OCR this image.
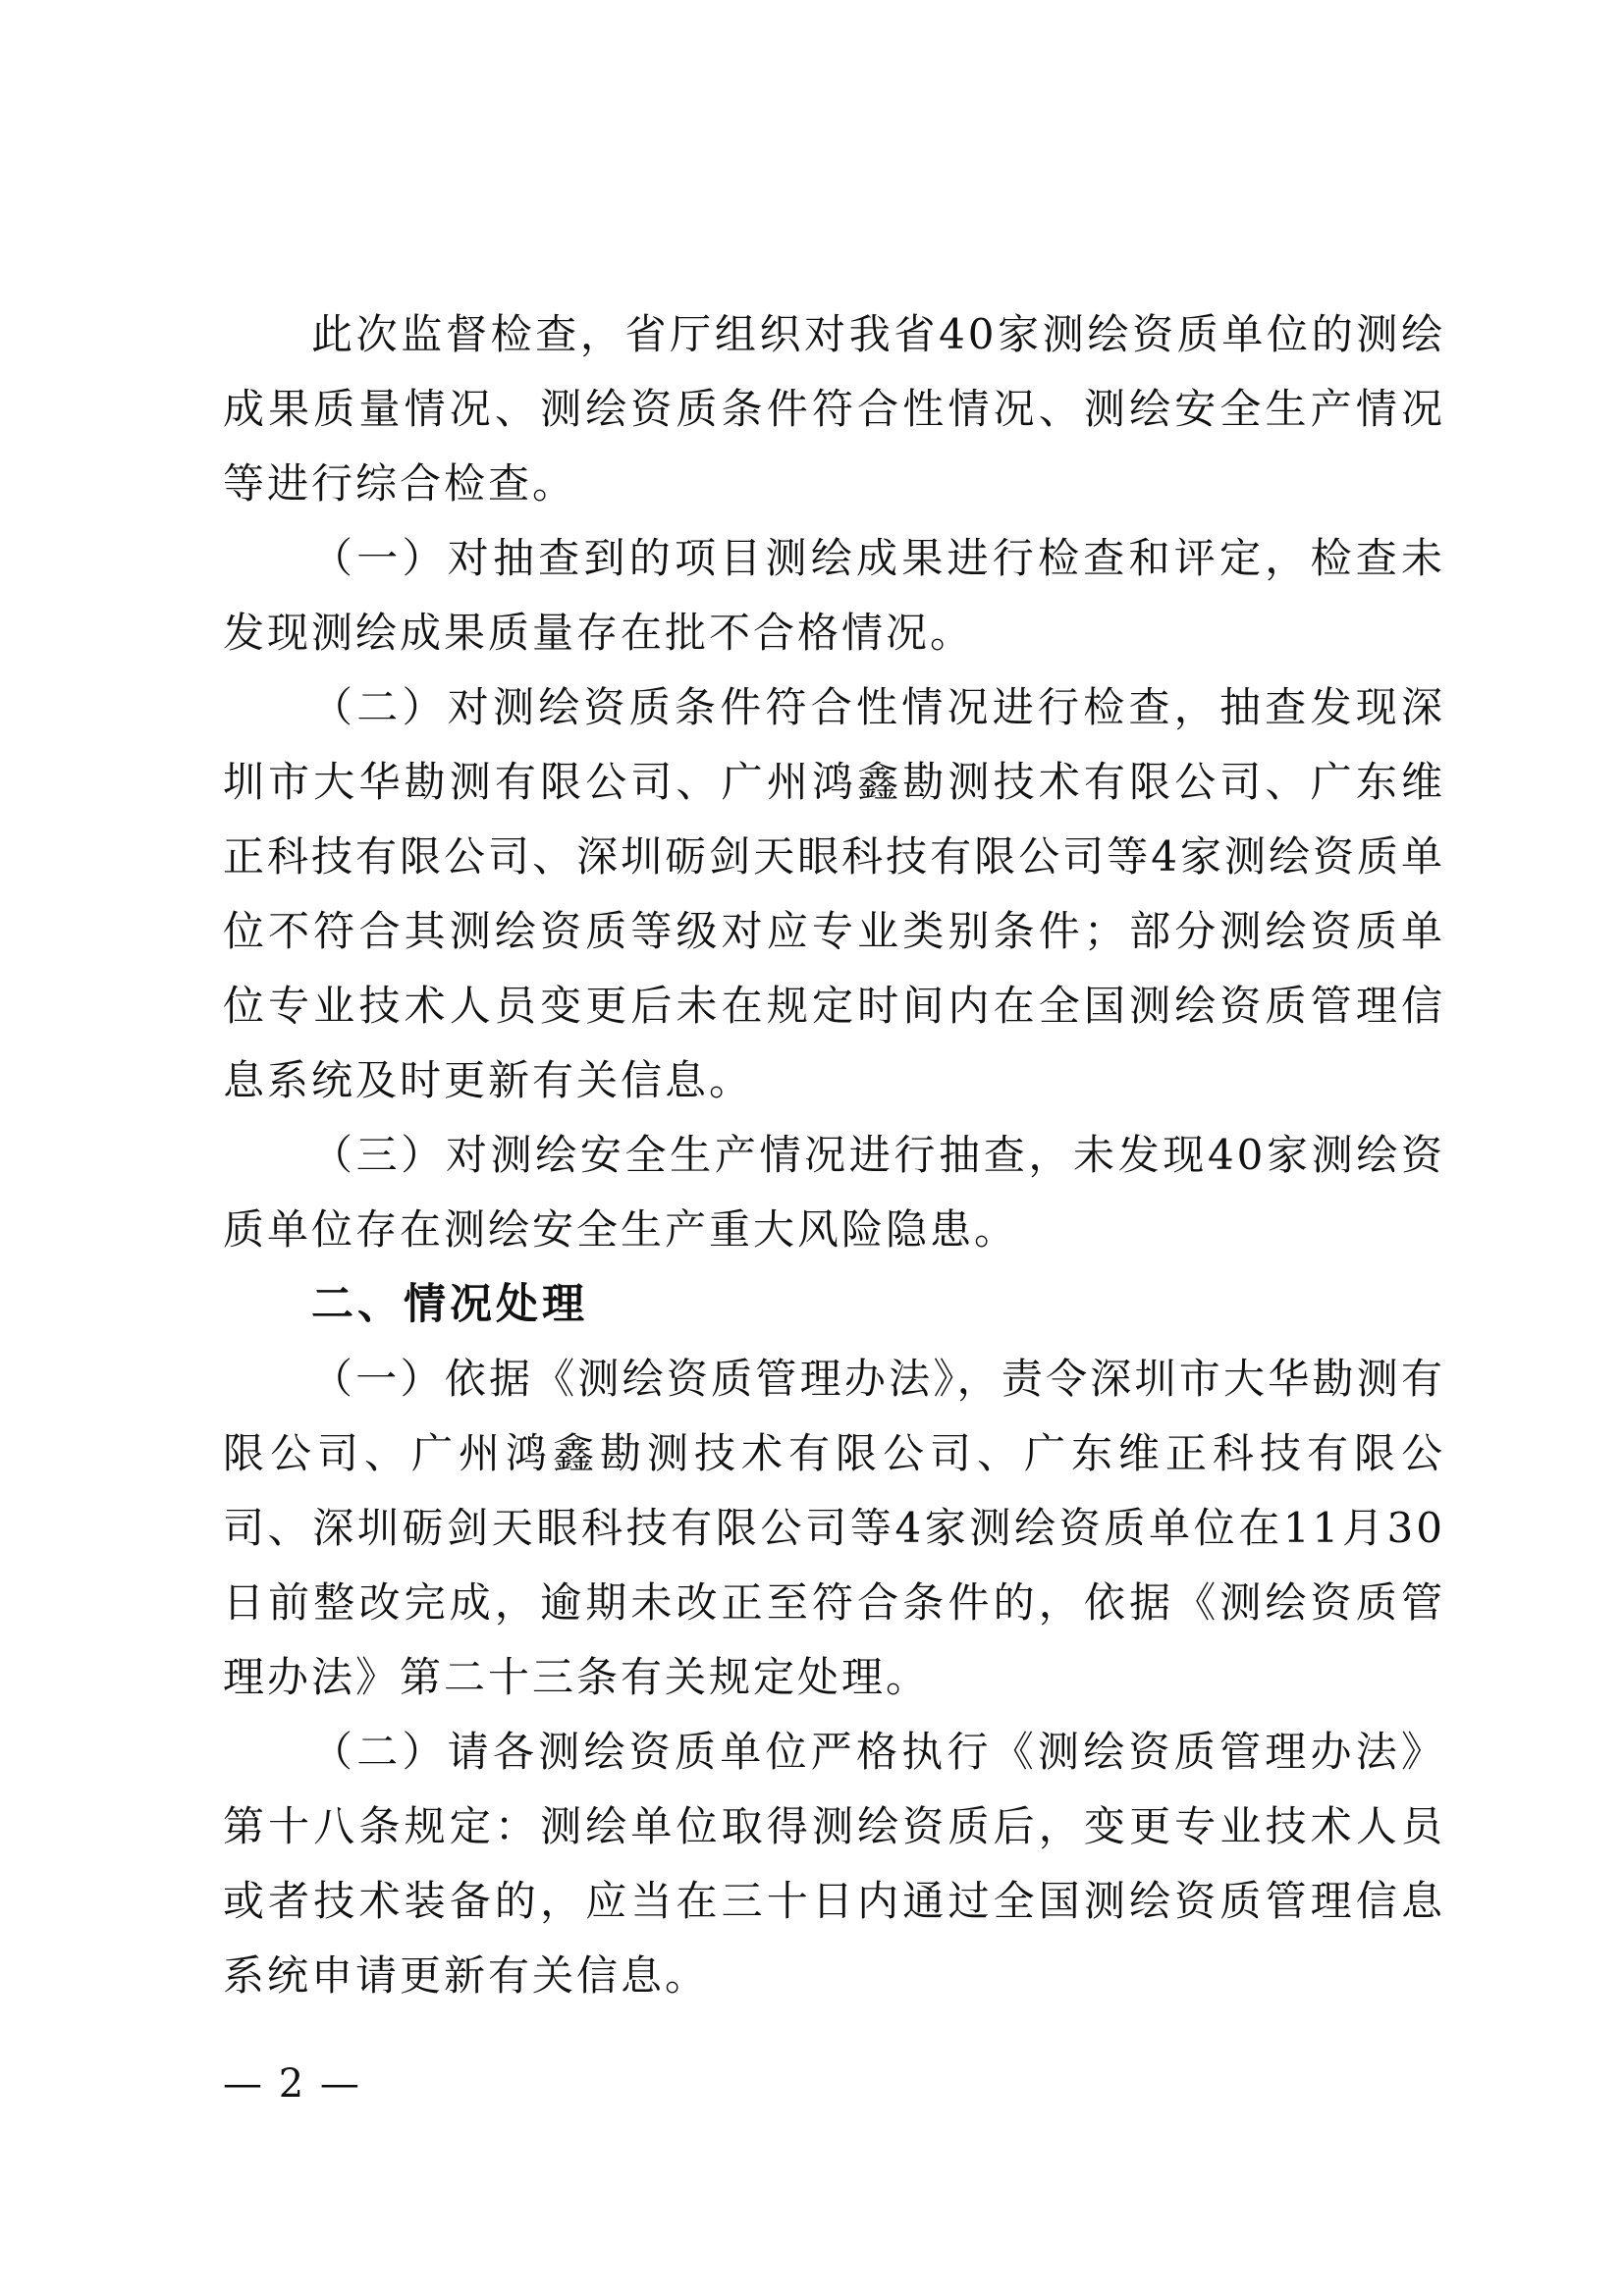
此次监督检查，省厅组织对我省40家测绘资质单位的测绘成果质量情况、测绘资质条件符合性情况、测绘安全生产情况等进行综合检查。

（一）对抽查到的项目测绘成果进行检查和评定，检查未发现测绘成果质量存在批不合格情况。

（二）对测绘资质条件符合性情况进行检查，抽查发现深圳市大华勘测有限公司、广州鸿鑫勘测技术有限公司、广东维正科技有限公司、深圳砺剑天眼科技有限公司等4家测绘资质单位不符合其测绘资质等级对应专业类别条件；部分测绘资质单位专业技术人员变更后未在规定时间内在全国测绘资质管理信息系统及时更新有关信息。

（三）对测绘安全生产情况进行抽查，未发现40家测绘资质单位存在测绘安全生产重大风险隐患。

二、情况处理

（一）依据《测绘资质管理办法》，责令深圳市大华勘测有限公司、广州鸿鑫勘测技术有限公司、广东维正科技有限公司、深圳砺剑天眼科技有限公司等4家测绘资质单位在11月30日前整改完成，逾期未改正至符合条件的，依据《测绘资质管理办法》第二十三条有关规定处理。

（二）请各测绘资质单位严格执行《测绘资质管理办法》第十八条规定：测绘单位取得测绘资质后，变更专业技术人员或者技术装备的，应当在三十日内通过全国测绘资质管理信息系统申请更新有关信息。

— 2 —
